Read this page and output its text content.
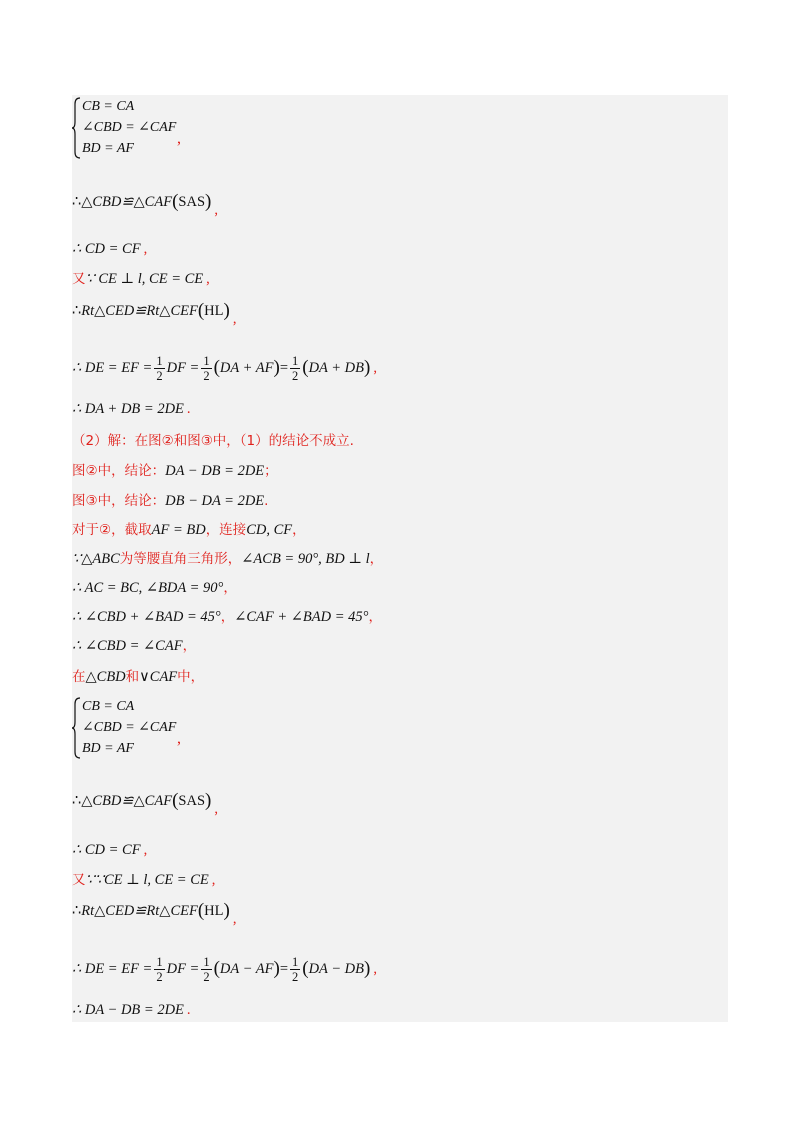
CB = CA
∠CBD = ∠CAF
BD = AF
,
∴△CBD≌△CAF(SAS) ,
∴ CD = CF ,
又∵ CE ⊥ l, CE = CE ,
∴Rt△CED≌Rt△CEF(HL) ,
∴ DE = EF = $\frac{1}{2}$ DF = $\frac{1}{2} (DA + AF)= \frac{1}{2} (DA + DB)$ ,
∴ DA + DB = 2DE .
（2）解：在图②和图③中，（1）的结论不成立.
图②中，结论：DA − DB = 2DE；
图③中，结论：DB − DA = 2DE.
对于②，截取AF = BD，连接CD, CF，
∵△ABC为等腰直角三角形，∠ACB = 90°, BD ⊥ l，
∴ AC = BC, ∠BDA = 90°，
∴ ∠CBD + ∠BAD = 45°，∠CAF + ∠BAD = 45°，
∴ ∠CBD = ∠CAF，
在△CBD和∨CAF中，
CB = CA
∠CBD = ∠CAF
BD = AF
,
∴△CBD≌△CAF(SAS) ,
∴ CD = CF ,
又∵∵CE ⊥ l, CE = CE ,
∴Rt△CED≌Rt△CEF(HL) ,
∴ DE = EF = $\frac{1}{2}$ DF = $\frac{1}{2} (DA - AF)= \frac{1}{2} (DA - DB)$ ,
∴ DA − DB = 2DE .
